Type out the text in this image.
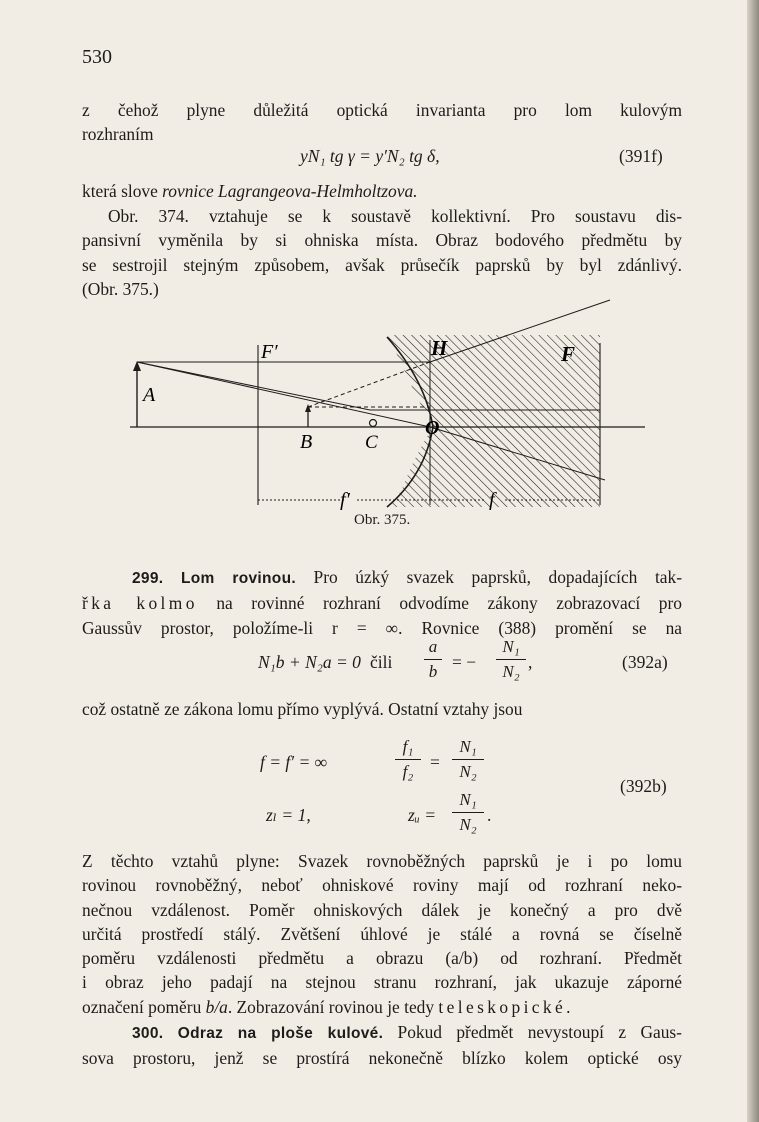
530

z čehož plyne důležitá optická invarianta pro lom kulovým
rozhraním

yN₁ tg γ = y′N₂ tg δ,	(391f)

která slove rovnice Lagrangeova-Helmholtzova.

Obr. 374. vztahuje se k soustavě kollektivní. Pro soustavu dis-
pansivní vyměnila by si ohniska místa. Obraz bodového předmětu by
se sestrojil stejným způsobem, avšak průsečík paprsků by byl zdánlivý.
(Obr. 375.)

F′	H	F
A
B	C
O
f′	f
Obr. 375.

299. Lom rovinou. Pro úzký svazek paprsků, dopadajících tak-
řka kolmo na rovinné rozhraní odvodíme zákony zobrazovací pro
Gaussův prostor, položíme-li r = ∞. Rovnice (388) promění se na

N₁b + N₂a = 0 čili
a
b = −
N₁
N₂ ,	(392a)

což ostatně ze zákona lomu přímo vyplývá. Ostatní vztahy jsou

f = f′ = ∞
f₁
f₂ =
N₁
N₂
(392b)
zₗ = 1,	zᵤ =
N₁
N₂ .

Z těchto vztahů plyne: Svazek rovnoběžných paprsků je i po lomu
rovinou rovnoběžný, neboť ohniskové roviny mají od rozhraní neko-
nečnou vzdálenost. Poměr ohniskových dálek je konečný a pro dvě
určitá prostředí stálý. Zvětšení úhlové je stálé a rovná se číselně
poměru vzdálenosti předmětu a obrazu (a/b) od rozhraní. Předmět
i obraz jeho padají na stejnou stranu rozhraní, jak ukazuje záporné
označení poměru b/a. Zobrazování rovinou je tedy teleskopické.

300. Odraz na ploše kulové. Pokud předmět nevystoupí z Gaus-
sova prostoru, jenž se prostírá nekonečně blízko kolem optické osy
